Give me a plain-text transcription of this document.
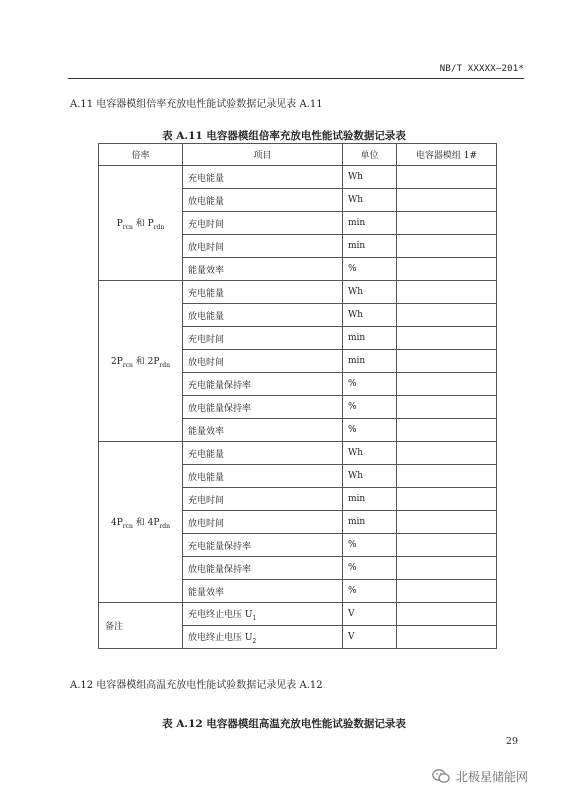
NB/T XXXXX—201*
A.11 电容器模组倍率充放电性能试验数据记录见表 A.11
表 A.11 电容器模组倍率充放电性能试验数据记录表
倍率	项目	单位	电容器模组 1#
$P_{rcn}$ 和 $P_{rdn}$	充电能量	Wh	
	放电能量	Wh	
	充电时间	min	
	放电时间	min	
	能量效率	%	
$2P_{rcn}$ 和 $2P_{rdn}$	充电能量	Wh	
	放电能量	Wh	
	充电时间	min	
	放电时间	min	
	充电能量保持率	%	
	放电能量保持率	%	
	能量效率	%	
$4P_{rcn}$ 和 $4P_{rdn}$	充电能量	Wh	
	放电能量	Wh	
	充电时间	min	
	放电时间	min	
	充电能量保持率	%	
	放电能量保持率	%	
	能量效率	%	
备注	充电终止电压 $U_1$	V	
	放电终止电压 $U_2$	V	
A.12 电容器模组高温充放电性能试验数据记录见表 A.12
表 A.12 电容器模组高温充放电性能试验数据记录表
29
北极星储能网
